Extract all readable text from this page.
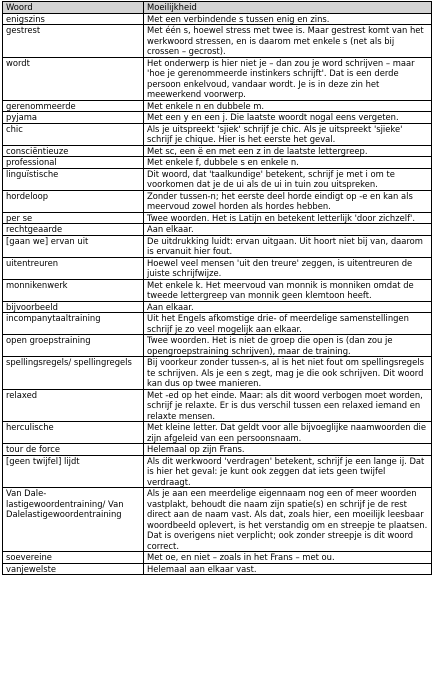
Woord	Moeilijkheid
enigszins	Met een verbindende s tussen enig en zins.
gestrest	Met één s, hoewel stress met twee is. Maar gestrest komt van het werkwoord stressen, en is daarom met enkele s (net als bij crossen – gecrost).
wordt	Het onderwerp is hier niet je – dan zou je word schrijven – maar 'hoe je gerenommeerde instinkers schrijft'. Dat is een derde persoon enkelvoud, vandaar wordt. Je is in deze zin het meewerkend voorwerp.
gerenommeerde	Met enkele n en dubbele m.
pyjama	Met een y en een j. Die laatste woordt nogal eens vergeten.
chic	Als je uitspreekt 'sjiek' schrijf je chic. Als je uitspreekt 'sjieke' schrijf je chique. Hier is het eerste het geval.
consciëntieuze	Met sc, een ë en met een z in de laatste lettergreep.
professional	Met enkele f, dubbele s en enkele n.
linguïstische	Dit woord, dat 'taalkundige' betekent, schrijf je met i om te voorkomen dat je de ui als de ui in tuin zou uitspreken.
hordeloop	Zonder tussen-n; het eerste deel horde eindigt op -e en kan als meervoud zowel horden als hordes hebben.
per se	Twee woorden. Het is Latijn en betekent letterlijk 'door zichzelf'.
rechtgeaarde	Aan elkaar.
[gaan we] ervan uit	De uitdrukking luidt: ervan uitgaan. Uit hoort niet bij van, daarom is ervanuit hier fout.
uitentreuren	Hoewel veel mensen 'uit den treure' zeggen, is uitentreuren de juiste schrijfwijze.
monnikenwerk	Met enkele k. Het meervoud van monnik is monniken omdat de tweede lettergreep van monnik geen klemtoon heeft.
bijvoorbeeld	Aan elkaar.
incompanytaaltraining	Uit het Engels afkomstige drie- of meerdelige samenstellingen schrijf je zo veel mogelijk aan elkaar.
open groepstraining	Twee woorden. Het is niet de groep die open is (dan zou je opengroepstraining schrijven), maar de training.
spellingsregels/ spellingregels	Bij voorkeur zonder tussen-s, al is het niet fout om spellingsregels te schrijven. Als je een s zegt, mag je die ook schrijven. Dit woord kan dus op twee manieren.
relaxed	Met -ed op het einde. Maar: als dit woord verbogen moet worden, schrijf je relaxte. Er is dus verschil tussen een relaxed iemand en relaxte mensen.
herculische	Met kleine letter. Dat geldt voor alle bijvoeglijke naamwoorden die zijn afgeleid van een persoonsnaam.
tour de force	Helemaal op zijn Frans.
[geen twijfel] lijdt	Als dit werkwoord 'verdragen' betekent, schrijf je een lange ij. Dat is hier het geval: je kunt ook zeggen dat iets geen twijfel verdraagt.
Van Dale-lastigewoordentraining/ Van Dalelastigewoordentraining	Als je aan een meerdelige eigennaam nog een of meer woorden vastplakt, behoudt die naam zijn spatie(s) en schrijf je de rest direct aan de naam vast. Als dat, zoals hier, een moeilijk leesbaar woordbeeld oplevert, is het verstandig om en streepje te plaatsen. Dat is overigens niet verplicht; ook zonder streepje is dit woord correct.
soevereine	Met oe, en niet – zoals in het Frans – met ou.
vanjewelste	Helemaal aan elkaar vast.
